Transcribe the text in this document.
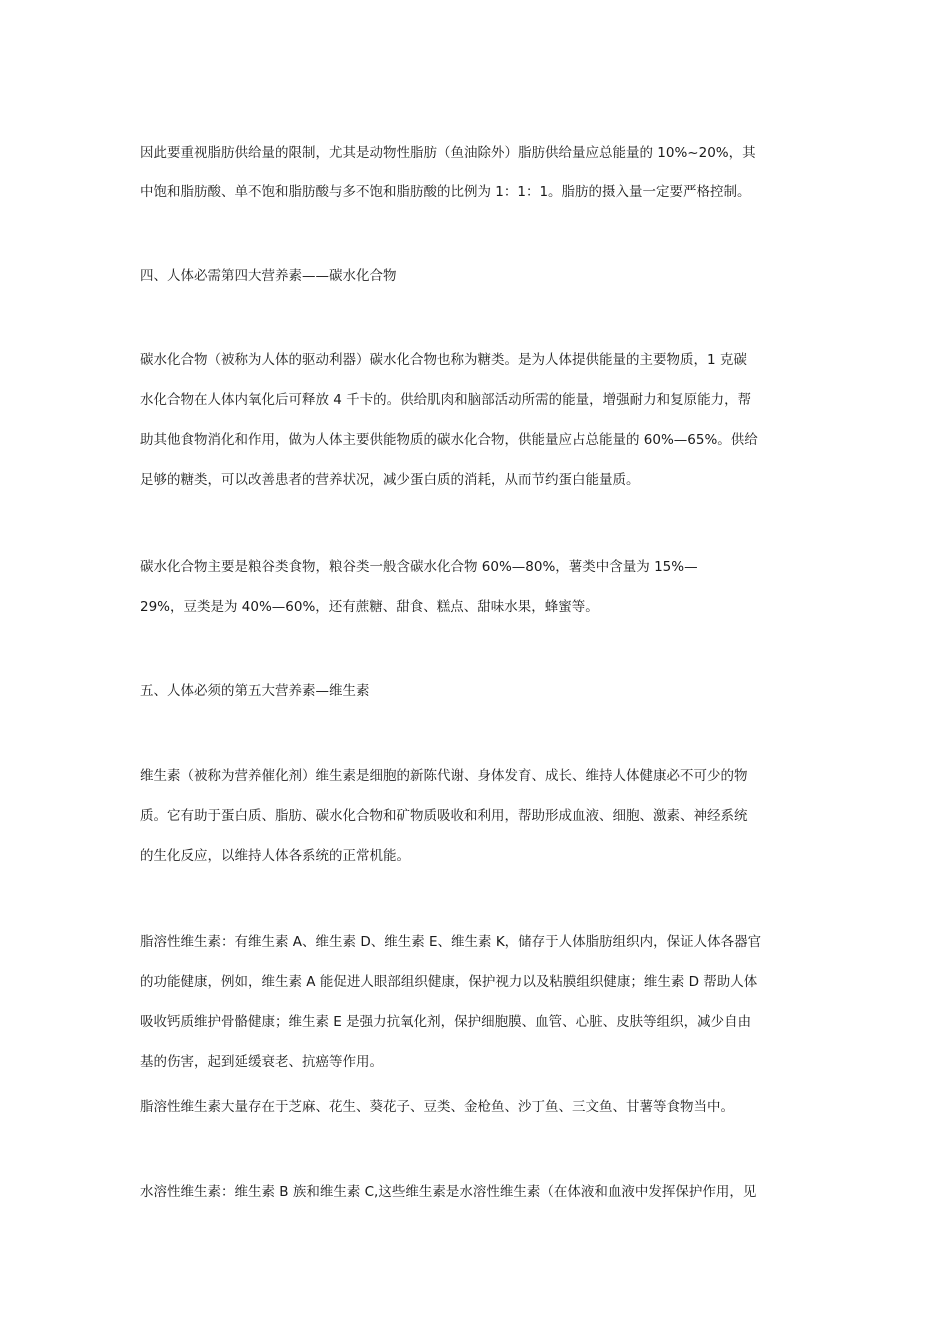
因此要重视脂肪供给量的限制，尤其是动物性脂肪（鱼油除外）脂肪供给量应总能量的 10%~20%，其
中饱和脂肪酸、单不饱和脂肪酸与多不饱和脂肪酸的比例为 1：1：1。脂肪的摄入量一定要严格控制。
四、人体必需第四大营养素——碳水化合物
碳水化合物（被称为人体的驱动利器）碳水化合物也称为糖类。是为人体提供能量的主要物质，1 克碳
水化合物在人体内氧化后可释放 4 千卡的。供给肌肉和脑部活动所需的能量，增强耐力和复原能力，帮
助其他食物消化和作用，做为人体主要供能物质的碳水化合物，供能量应占总能量的 60%—65%。供给
足够的糖类，可以改善患者的营养状况，减少蛋白质的消耗，从而节约蛋白能量质。
碳水化合物主要是粮谷类食物，粮谷类一般含碳水化合物 60%—80%，薯类中含量为 15%—
29%，豆类是为 40%—60%，还有蔗糖、甜食、糕点、甜味水果，蜂蜜等。
五、人体必须的第五大营养素—维生素
维生素（被称为营养催化剂）维生素是细胞的新陈代谢、身体发育、成长、维持人体健康必不可少的物
质。它有助于蛋白质、脂肪、碳水化合物和矿物质吸收和利用，帮助形成血液、细胞、激素、神经系统
的生化反应，以维持人体各系统的正常机能。
脂溶性维生素：有维生素 A、维生素 D、维生素 E、维生素 K，储存于人体脂肪组织内，保证人体各器官
的功能健康，例如，维生素 A 能促进人眼部组织健康，保护视力以及粘膜组织健康；维生素 D 帮助人体
吸收钙质维护骨骼健康；维生素 E 是强力抗氧化剂，保护细胞膜、血管、心脏、皮肤等组织，减少自由
基的伤害，起到延缓衰老、抗癌等作用。
脂溶性维生素大量存在于芝麻、花生、葵花子、豆类、金枪鱼、沙丁鱼、三文鱼、甘薯等食物当中。
水溶性维生素：维生素 B 族和维生素 C,这些维生素是水溶性维生素（在体液和血液中发挥保护作用，见
